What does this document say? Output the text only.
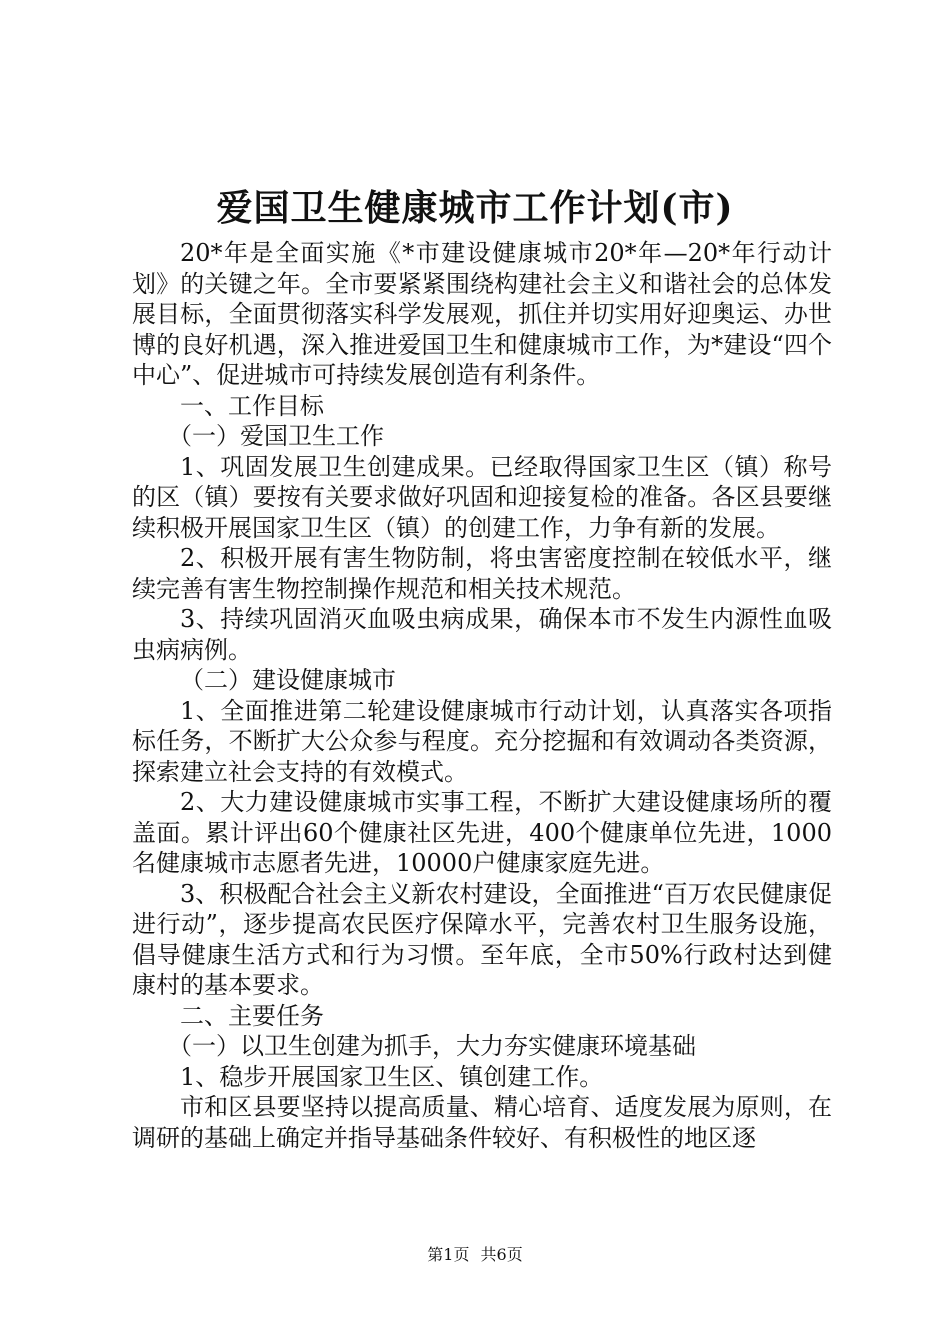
爱国卫生健康城市工作计划(市)

20*年是全面实施《*市建设健康城市20*年—20*年行动计划》的关键之年。全市要紧紧围绕构建社会主义和谐社会的总体发展目标，全面贯彻落实科学发展观，抓住并切实用好迎奥运、办世博的良好机遇，深入推进爱国卫生和健康城市工作，为*建设“四个中心”、促进城市可持续发展创造有利条件。

一、工作目标

（一）爱国卫生工作

1、巩固发展卫生创建成果。已经取得国家卫生区（镇）称号的区（镇）要按有关要求做好巩固和迎接复检的准备。各区县要继续积极开展国家卫生区（镇）的创建工作，力争有新的发展。

2、积极开展有害生物防制，将虫害密度控制在较低水平，继续完善有害生物控制操作规范和相关技术规范。

3、持续巩固消灭血吸虫病成果，确保本市不发生内源性血吸虫病病例。

（二）建设健康城市

1、全面推进第二轮建设健康城市行动计划，认真落实各项指标任务，不断扩大公众参与程度。充分挖掘和有效调动各类资源，探索建立社会支持的有效模式。

2、大力建设健康城市实事工程，不断扩大建设健康场所的覆盖面。累计评出60个健康社区先进，400个健康单位先进，1000名健康城市志愿者先进，10000户健康家庭先进。

3、积极配合社会主义新农村建设，全面推进“百万农民健康促进行动”，逐步提高农民医疗保障水平，完善农村卫生服务设施，倡导健康生活方式和行为习惯。至年底，全市50%行政村达到健康村的基本要求。

二、主要任务

（一）以卫生创建为抓手，大力夯实健康环境基础

1、稳步开展国家卫生区、镇创建工作。

市和区县要坚持以提高质量、精心培育、适度发展为原则，在调研的基础上确定并指导基础条件较好、有积极性的地区逐

第1页 共6页
